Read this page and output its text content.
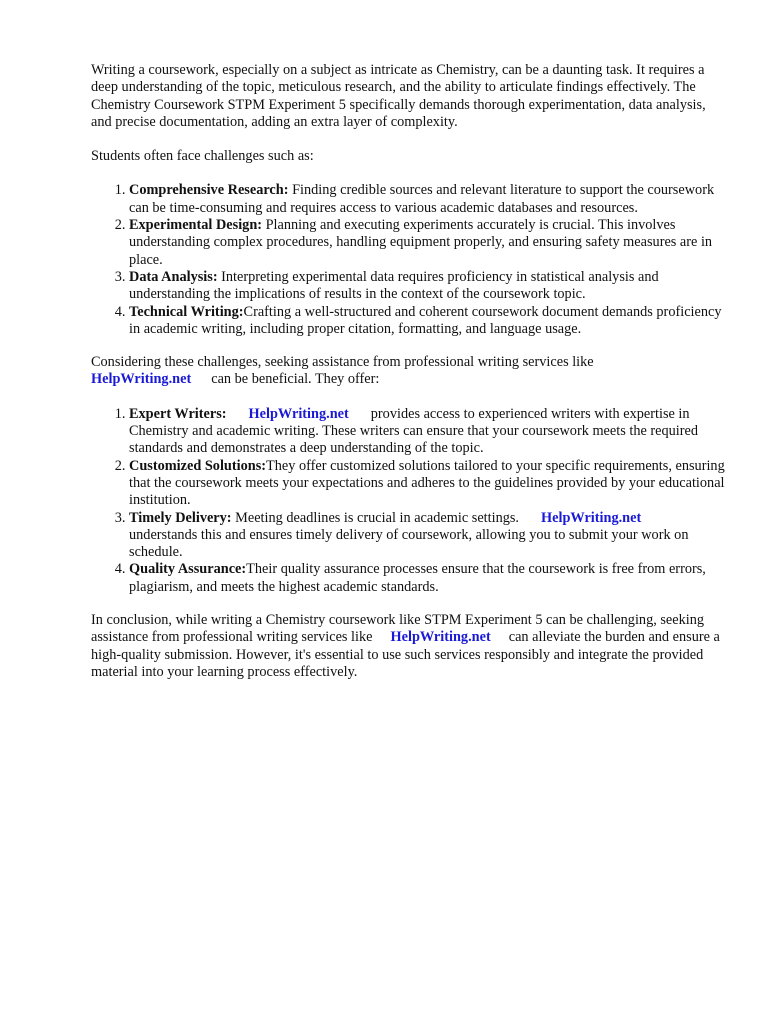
Writing a coursework, especially on a subject as intricate as Chemistry, can be a daunting task. It requires a deep understanding of the topic, meticulous research, and the ability to articulate findings effectively. The Chemistry Coursework STPM Experiment 5 specifically demands thorough experimentation, data analysis, and precise documentation, adding an extra layer of complexity.

Students often face challenges such as:

1. Comprehensive Research: Finding credible sources and relevant literature to support the coursework can be time-consuming and requires access to various academic databases and resources.
2. Experimental Design: Planning and executing experiments accurately is crucial. This involves understanding complex procedures, handling equipment properly, and ensuring safety measures are in place.
3. Data Analysis: Interpreting experimental data requires proficiency in statistical analysis and understanding the implications of results in the context of the coursework topic.
4. Technical Writing:Crafting a well-structured and coherent coursework document demands proficiency in academic writing, including proper citation, formatting, and language usage.

Considering these challenges, seeking assistance from professional writing services like
HelpWriting.net can be beneficial. They offer:

1. Expert Writers: HelpWriting.net provides access to experienced writers with expertise in Chemistry and academic writing. These writers can ensure that your coursework meets the required standards and demonstrates a deep understanding of the topic.
2. Customized Solutions:They offer customized solutions tailored to your specific requirements, ensuring that the coursework meets your expectations and adheres to the guidelines provided by your educational institution.
3. Timely Delivery: Meeting deadlines is crucial in academic settings. HelpWriting.net
understands this and ensures timely delivery of coursework, allowing you to submit your work on schedule.
4. Quality Assurance:Their quality assurance processes ensure that the coursework is free from errors, plagiarism, and meets the highest academic standards.

In conclusion, while writing a Chemistry coursework like STPM Experiment 5 can be challenging, seeking assistance from professional writing services like HelpWriting.net can alleviate the burden and ensure a high-quality submission. However, it's essential to use such services responsibly and integrate the provided material into your learning process effectively.
